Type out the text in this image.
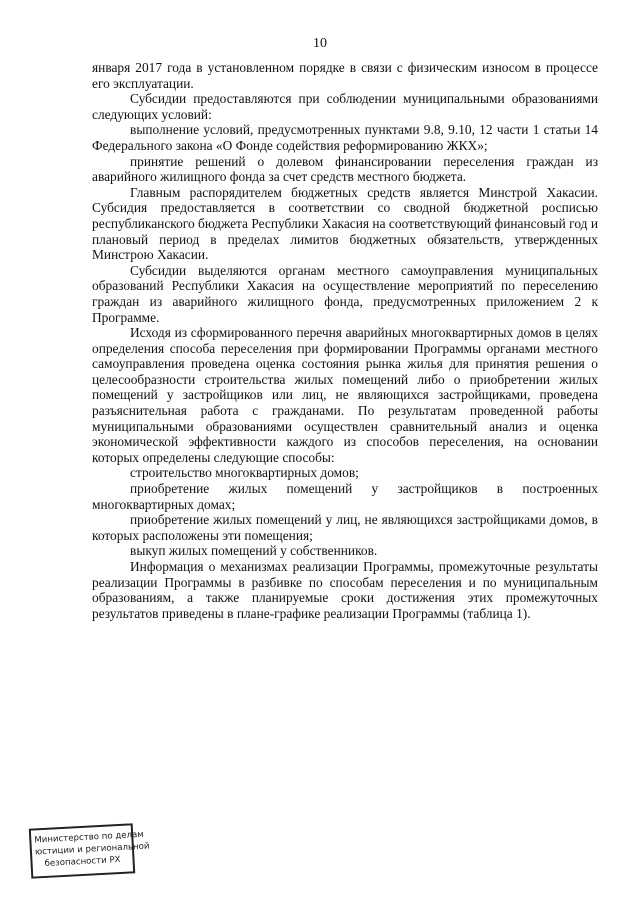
10

января 2017 года в установленном порядке в связи с физическим износом в процессе его эксплуатации.

Субсидии предоставляются при соблюдении муниципальными образованиями следующих условий:

выполнение условий, предусмотренных пунктами 9.8, 9.10, 12 части 1 статьи 14 Федерального закона «О Фонде содействия реформированию ЖКХ»;

принятие решений о долевом финансировании переселения граждан из аварийного жилищного фонда за счет средств местного бюджета.

Главным распорядителем бюджетных средств является Минстрой Хакасии. Субсидия предоставляется в соответствии со сводной бюджетной росписью республиканского бюджета Республики Хакасия на соответствующий финансовый год и плановый период в пределах лимитов бюджетных обязательств, утвержденных Минстрою Хакасии.

Субсидии выделяются органам местного самоуправления муниципальных образований Республики Хакасия на осуществление мероприятий по переселению граждан из аварийного жилищного фонда, предусмотренных приложением 2 к Программе.

Исходя из сформированного перечня аварийных многоквартирных домов в целях определения способа переселения при формировании Программы органами местного самоуправления проведена оценка состояния рынка жилья для принятия решения о целесообразности строительства жилых помещений либо о приобретении жилых помещений у застройщиков или лиц, не являющихся застройщиками, проведена разъяснительная работа с гражданами. По результатам проведенной работы муниципальными образованиями осуществлен сравнительный анализ и оценка экономической эффективности каждого из способов переселения, на основании которых определены следующие способы:

строительство многоквартирных домов;

приобретение жилых помещений у застройщиков в построенных многоквартирных домах;

приобретение жилых помещений у лиц, не являющихся застройщиками домов, в которых расположены эти помещения;

выкуп жилых помещений у собственников.

Информация о механизмах реализации Программы, промежуточные результаты реализации Программы в разбивке по способам переселения и по муниципальным образованиям, а также планируемые сроки достижения этих промежуточных результатов приведены в плане-графике реализации Программы (таблица 1).

Министерство по делам
юстиции и региональной
безопасности РХ
